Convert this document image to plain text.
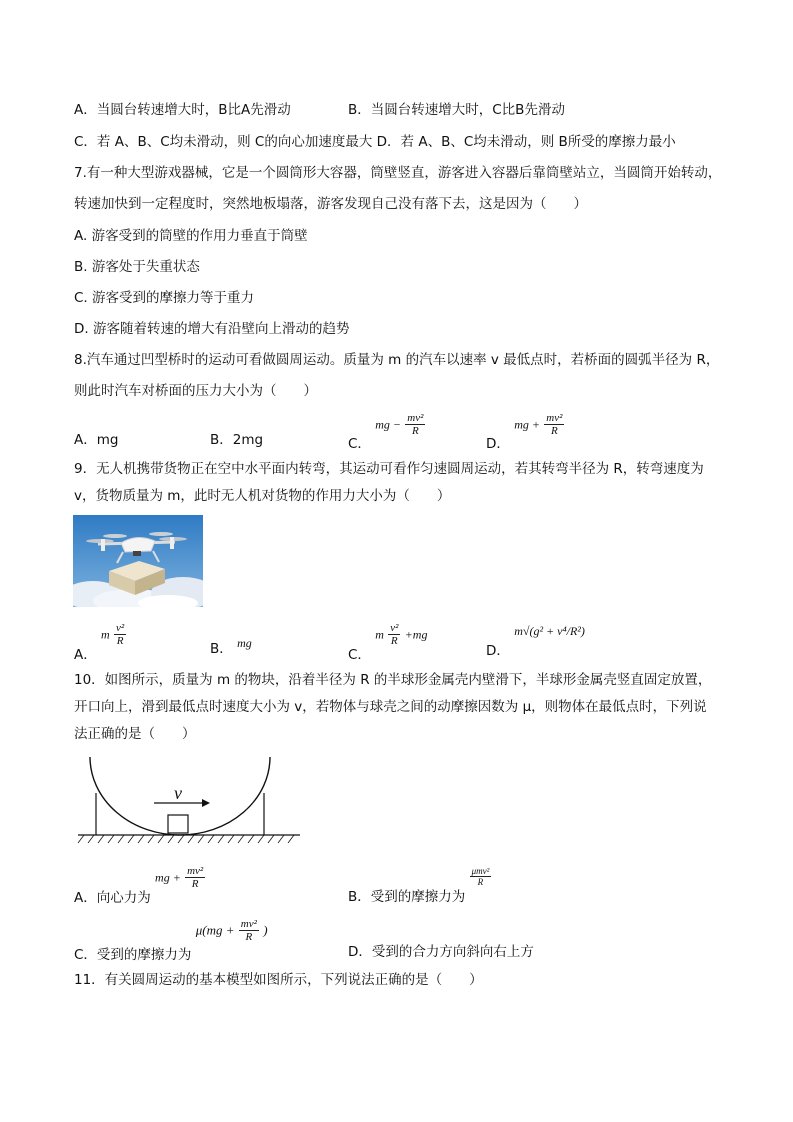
A．当圆台转速增大时，B比A先滑动	B．当圆台转速增大时，C比B先滑动
C．若 A、B、C均未滑动，则 C的向心加速度最大 D．若 A、B、C均未滑动，则 B所受的摩擦力最小
7.有一种大型游戏器械，它是一个圆筒形大容器，筒壁竖直，游客进入容器后靠筒壁站立，当圆筒开始转动，
转速加快到一定程度时，突然地板塌落，游客发现自己没有落下去，这是因为（　　）
A. 游客受到的筒壁的作用力垂直于筒壁
B. 游客处于失重状态
C. 游客受到的摩擦力等于重力
D. 游客随着转速的增大有沿壁向上滑动的趋势
8.汽车通过凹型桥时的运动可看做圆周运动。质量为 m 的汽车以速率 v 最低点时，若桥面的圆弧半径为 R，
则此时汽车对桥面的压力大小为（　　）
A．mg	B．2mg	C． mg − $\frac{\text{mv²}}{R}$
D． mg + $\frac{\text{mv²}}{R}$
9．无人机携带货物正在空中水平面内转弯，其运动可看作匀速圆周运动，若其转弯半径为 R，转弯速度为
v，货物质量为 m，此时无人机对货物的作用力大小为（　　）
A． m $\frac{\text{v²}}{R}$
B． mg
C． m $\frac{\text{v²}}{R} +mg$
D． m√(g² + v⁴/R²)
10．如图所示，质量为 m 的物块，沿着半径为 R 的半球形金属壳内壁滑下，半球形金属壳竖直固定放置，
开口向上，滑到最低点时速度大小为 v，若物体与球壳之间的动摩擦因数为 μ，则物体在最低点时，下列说
法正确的是（　　）
v
A．向心力为 mg + $\frac{\text{mv²}}{R}$
B．受到的摩擦力为
$\frac{\text{μmv²}}{R}$
C．受到的摩擦力为 $\mu(mg + \frac{\text{mv²}}{R}$ )
D．受到的合力方向斜向右上方
11．有关圆周运动的基本模型如图所示，下列说法正确的是（　　）
